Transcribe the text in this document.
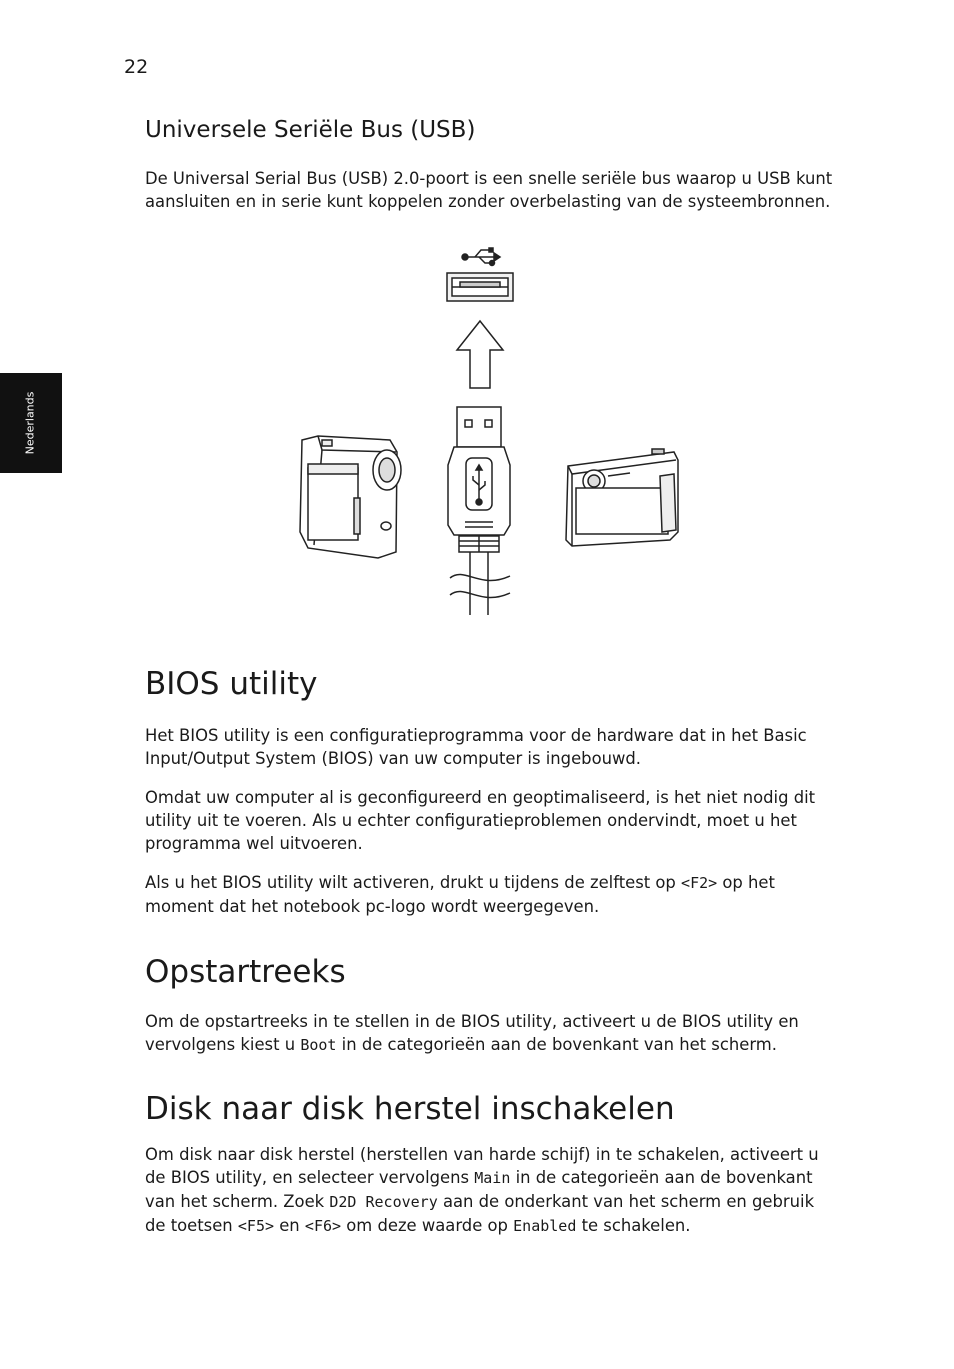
22
Nederlands
Universele Seriële Bus (USB)

De Universal Serial Bus (USB) 2.0-poort is een snelle seriële bus waarop u USB kunt aansluiten en in serie kunt koppelen zonder overbelasting van de systeembronnen.

BIOS utility

Het BIOS utility is een configuratieprogramma voor de hardware dat in het Basic Input/Output System (BIOS) van uw computer is ingebouwd.

Omdat uw computer al is geconfigureerd en geoptimaliseerd, is het niet nodig dit utility uit te voeren. Als u echter configuratieproblemen ondervindt, moet u het programma wel uitvoeren.

Als u het BIOS utility wilt activeren, drukt u tijdens de zelftest op <F2> op het moment dat het notebook pc-logo wordt weergegeven.

Opstartreeks

Om de opstartreeks in te stellen in de BIOS utility, activeert u de BIOS utility en vervolgens kiest u Boot in de categorieën aan de bovenkant van het scherm.

Disk naar disk herstel inschakelen

Om disk naar disk herstel (herstellen van harde schijf) in te schakelen, activeert u de BIOS utility, en selecteer vervolgens Main in de categorieën aan de bovenkant van het scherm. Zoek D2D Recovery aan de onderkant van het scherm en gebruik de toetsen <F5> en <F6> om deze waarde op Enabled te schakelen.
